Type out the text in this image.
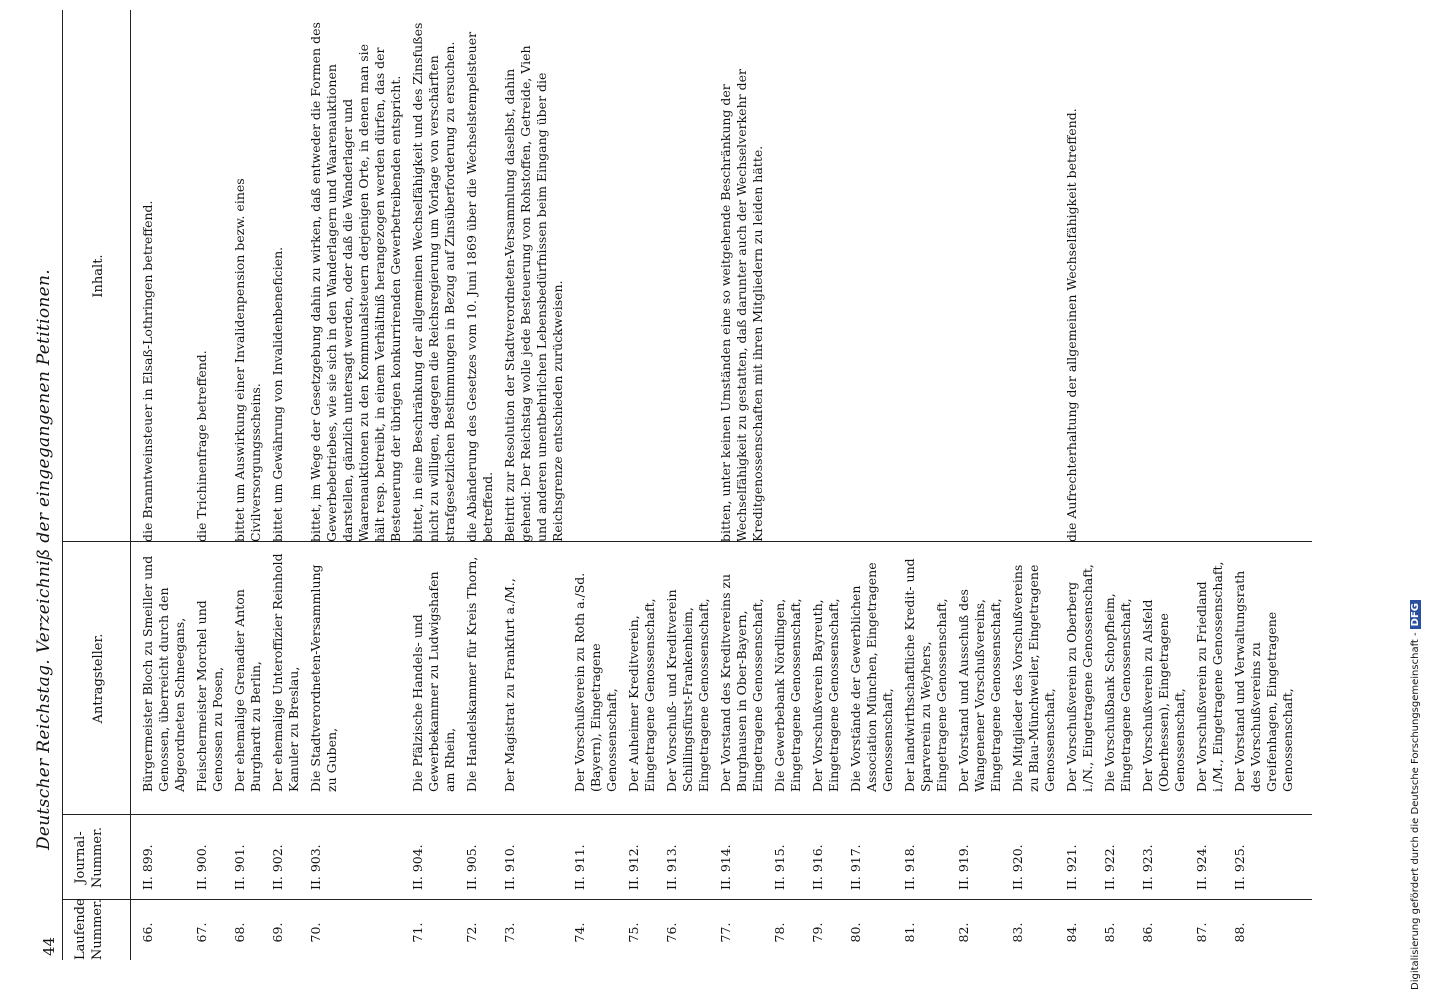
44
Deutscher Reichstag. Verzeichniß der eingegangenen Petitionen.
Laufende Nummer.
Journal-Nummer.
Antragsteller.
Inhalt.
66.
II. 899.
Bürgermeister Bloch zu Smeiller und Genossen, überreicht durch den Abgeordneten Schneegans,
die Branntweinsteuer in Elsaß-Lothringen betreffend.
67.
II. 900.
Fleischermeister Morchel und Genossen zu Posen,
die Trichinenfrage betreffend.
68.
II. 901.
Der ehemalige Grenadier Anton Burghardt zu Berlin,
bittet um Auswirkung einer Invalidenpension bezw. eines Civilversorgungsscheins.
69.
II. 902.
Der ehemalige Unteroffizier Reinhold Kanuler zu Breslau,
bittet um Gewährung von Invalidenbeneficien.
70.
II. 903.
Die Stadtverordneten-Versammlung zu Guben,
bittet, im Wege der Gesetzgebung dahin zu wirken, daß entweder die Formen des Gewerbebetriebes, wie sie sich in den Wanderlagern und Waarenauktionen darstellen, gänzlich untersagt werden, oder daß die Wanderlager und Waarenauktionen zu den Kommunalsteuern derjenigen Orte, in denen man sie hält resp. betreibt, in einem Verhältniß herangezogen werden dürfen, das der Besteuerung der übrigen konkurrirenden Gewerbetreibenden entspricht.
71.
II. 904.
Die Pfälzische Handels- und Gewerbekammer zu Ludwigshafen am Rhein,
bittet, in eine Beschränkung der allgemeinen Wechselfähigkeit und des Zinsfußes nicht zu willigen, dagegen die Reichsregierung um Vorlage von verschärften strafgesetzlichen Bestimmungen in Bezug auf Zinsüberforderung zu ersuchen.
72.
II. 905.
Die Handelskammer für Kreis Thorn,
die Abänderung des Gesetzes vom 10. Juni 1869 über die Wechselstempelsteuer betreffend.
73.
II. 910.
Der Magistrat zu Frankfurt a./M.,
Beitritt zur Resolution der Stadtverordneten-Versammlung daselbst, dahin gehend: Der Reichstag wolle jede Besteuerung von Rohstoffen, Getreide, Vieh und anderen unentbehrlichen Lebensbedürfnissen beim Eingang über die Reichsgrenze entschieden zurückweisen.
74.
II. 911.
Der Vorschußverein zu Roth a./Sd. (Bayern), Eingetragene Genossenschaft,
75.
II. 912.
Der Auheimer Kreditverein, Eingetragene Genossenschaft,
76.
II. 913.
Der Vorschuß- und Kreditverein Schillingsfürst-Frankenheim, Eingetragene Genossenschaft,
77.
II. 914.
Der Vorstand des Kreditvereins zu Burghausen in Ober-Bayern, Eingetragene Genossenschaft,
bitten, unter keinen Umständen eine so weitgehende Beschränkung der Wechselfähigkeit zu gestatten, daß darunter auch der Wechselverkehr der Kreditgenossenschaften mit ihren Mitgliedern zu leiden hätte.
78.
II. 915.
Die Gewerbebank Nördlingen, Eingetragene Genossenschaft,
79.
II. 916.
Der Vorschußverein Bayreuth, Eingetragene Genossenschaft,
80.
II. 917.
Die Vorstände der Gewerblichen Association München, Eingetragene Genossenschaft,
81.
II. 918.
Der landwirthschaftliche Kredit- und Sparverein zu Weyhers, Eingetragene Genossenschaft,
82.
II. 919.
Der Vorstand und Ausschuß des Wangenener Vorschußvereins, Eingetragene Genossenschaft,
83.
II. 920.
Die Mitglieder des Vorschußvereins zu Blau-Münchweiler, Eingetragene Genossenschaft,
84.
II. 921.
Der Vorschußverein zu Oberberg i./N., Eingetragene Genossenschaft,
die Aufrechterhaltung der allgemeinen Wechselfähigkeit betreffend.
85.
II. 922.
Die Vorschußbank Schopfheim, Eingetragene Genossenschaft,
86.
II. 923.
Der Vorschußverein zu Alsfeld (Oberhessen), Eingetragene Genossenschaft,
87.
II. 924.
Der Vorschußverein zu Friedland i./M., Eingetragene Genossenschaft,
88.
II. 925.
Der Vorstand und Verwaltungsrath des Vorschußvereins zu Greifenhagen, Eingetragene Genossenschaft,	Digitalisierung gefördert durch die Deutsche Forschungsgemeinschaft -DFG
